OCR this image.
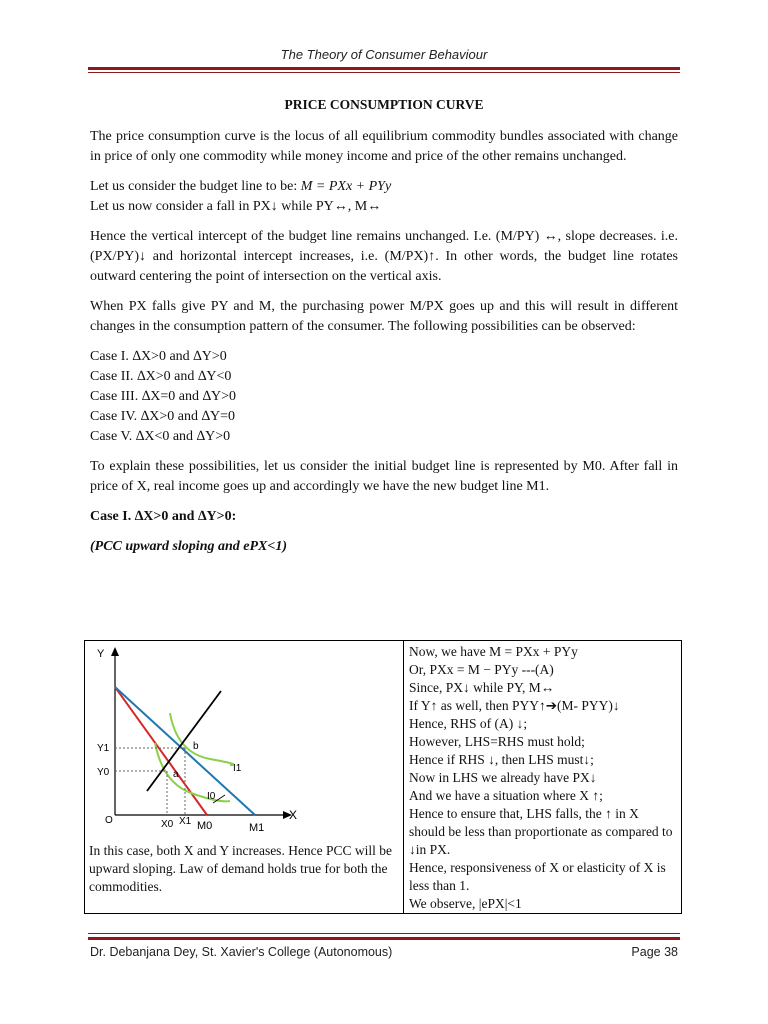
The Theory of Consumer Behaviour

PRICE CONSUMPTION CURVE

The price consumption curve is the locus of all equilibrium commodity bundles associated with change in price of only one commodity while money income and price of the other remains unchanged.

Let us consider the budget line to be: M = PXx + PYy

Let us now consider a fall in PX↓ while PY↔, M↔

Hence the vertical intercept of the budget line remains unchanged. I.e. (M/PY) ↔, slope decreases. i.e. (PX/PY)↓ and horizontal intercept increases, i.e. (M/PX)↑. In other words, the budget line rotates outward centering the point of intersection on the vertical axis.

When PX falls give PY and M, the purchasing power M/PX goes up and this will result in different changes in the consumption pattern of the consumer. The following possibilities can be observed:

Case I. ∆X>0 and ∆Y>0

Case II. ∆X>0 and ∆Y<0

Case III. ∆X=0 and ∆Y>0

Case IV. ∆X>0 and ∆Y=0

Case V. ∆X<0 and ∆Y>0

To explain these possibilities, let us consider the initial budget line is represented by M0. After fall in price of X, real income goes up and accordingly we have the new budget line M1.

Case I. ∆X>0 and ∆Y>0:

(PCC upward sloping and ePX<1)

Y
X
O
Y1
Y0	a
b
I1
I0
X0 X1 M0	M1
In this case, both X and Y increases. Hence PCC will be upward sloping. Law of demand holds true for both the commodities.

Now, we have M = PXx + PYy

Or, PXx = M − PYy ---(A)

Since, PX↓ while PY, M↔

If Y↑ as well, then PYY↑➔(M- PYY)↓

Hence, RHS of (A) ↓;

However, LHS=RHS must hold;

Hence if RHS ↓, then LHS must↓;

Now in LHS we already have PX↓

And we have a situation where X ↑;

Hence to ensure that, LHS falls, the ↑ in X should be less than proportionate as compared to ↓in PX.

Hence, responsiveness of X or elasticity of X is less than 1.

We observe, |ePX|<1

Dr. Debanjana Dey, St. Xavier's College (Autonomous)	Page 38
